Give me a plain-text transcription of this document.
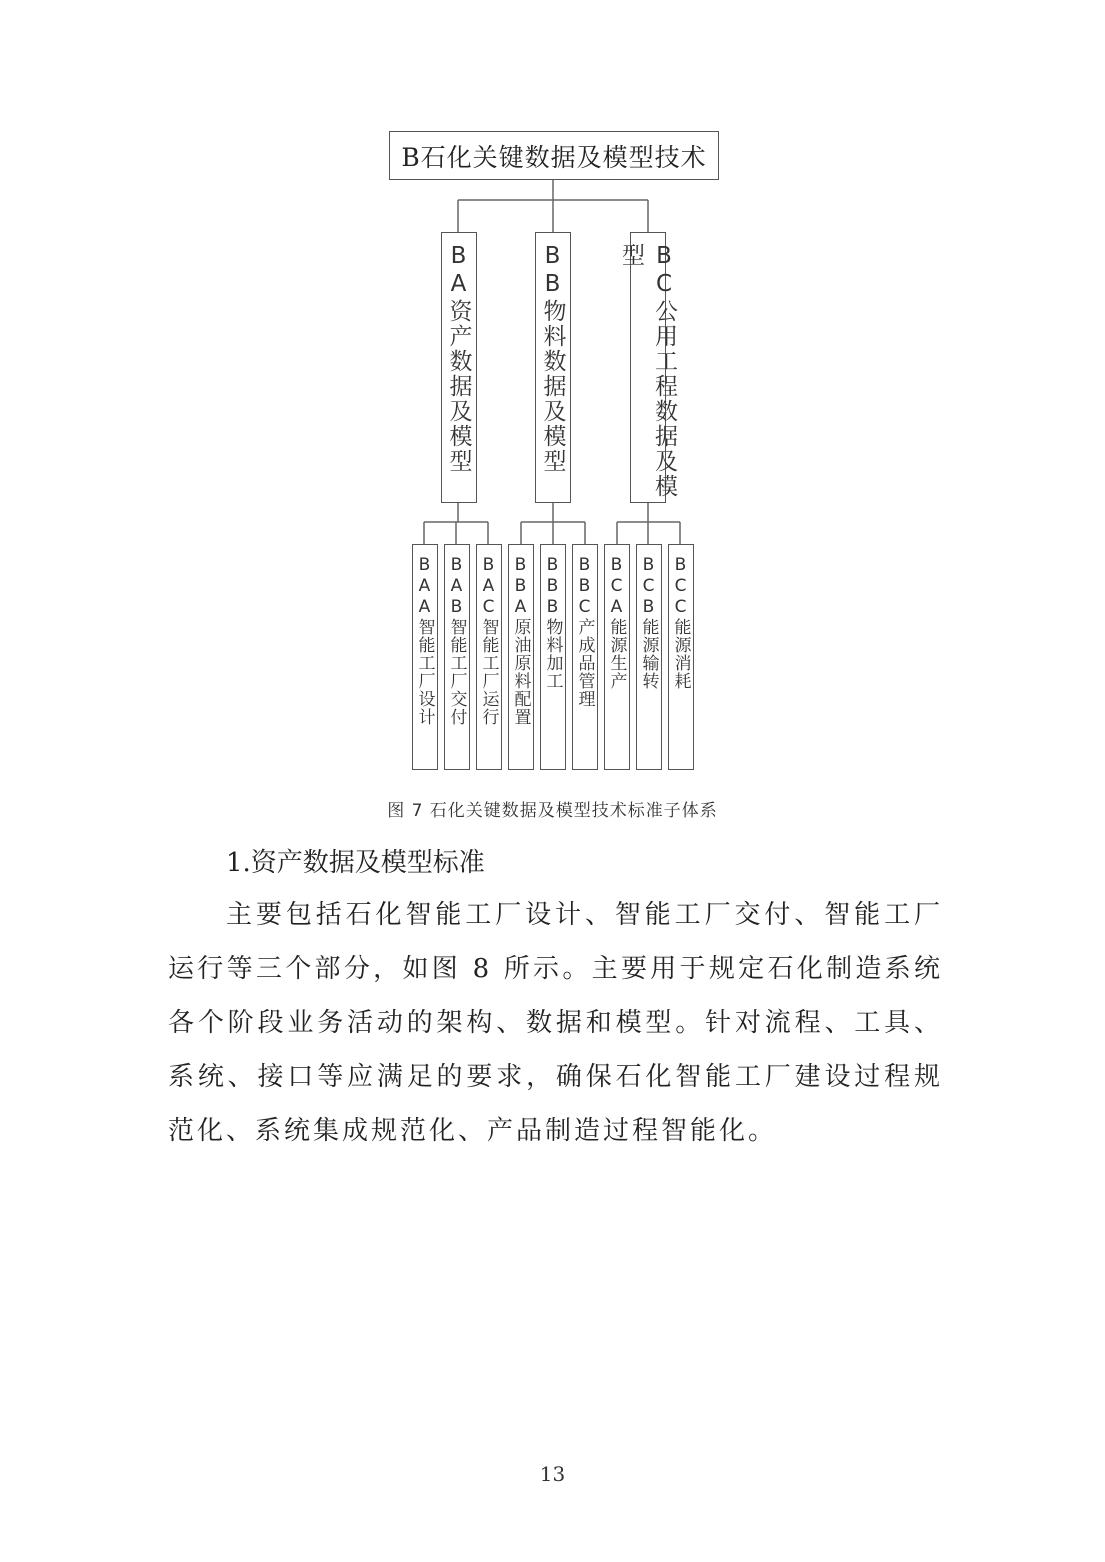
B石化关键数据及模型技术
BA资产数据及模型	BB物料数据及模型	BC公用工程数据及模型
BAA智能工厂设计 BAB智能工厂交付 BAC智能工厂运行 BBA原油原料配置 BBB物料加工 BBC产成品管理 BCA能源生产 BCB能源输转 BCC能源消耗
图 7 石化关键数据及模型技术标准子体系
1.资产数据及模型标准

主要包括石化智能工厂设计、智能工厂交付、智能工厂运行等三个部分，如图 8 所示。主要用于规定石化制造系统各个阶段业务活动的架构、数据和模型。针对流程、工具、系统、接口等应满足的要求，确保石化智能工厂建设过程规范化、系统集成规范化、产品制造过程智能化。

13
